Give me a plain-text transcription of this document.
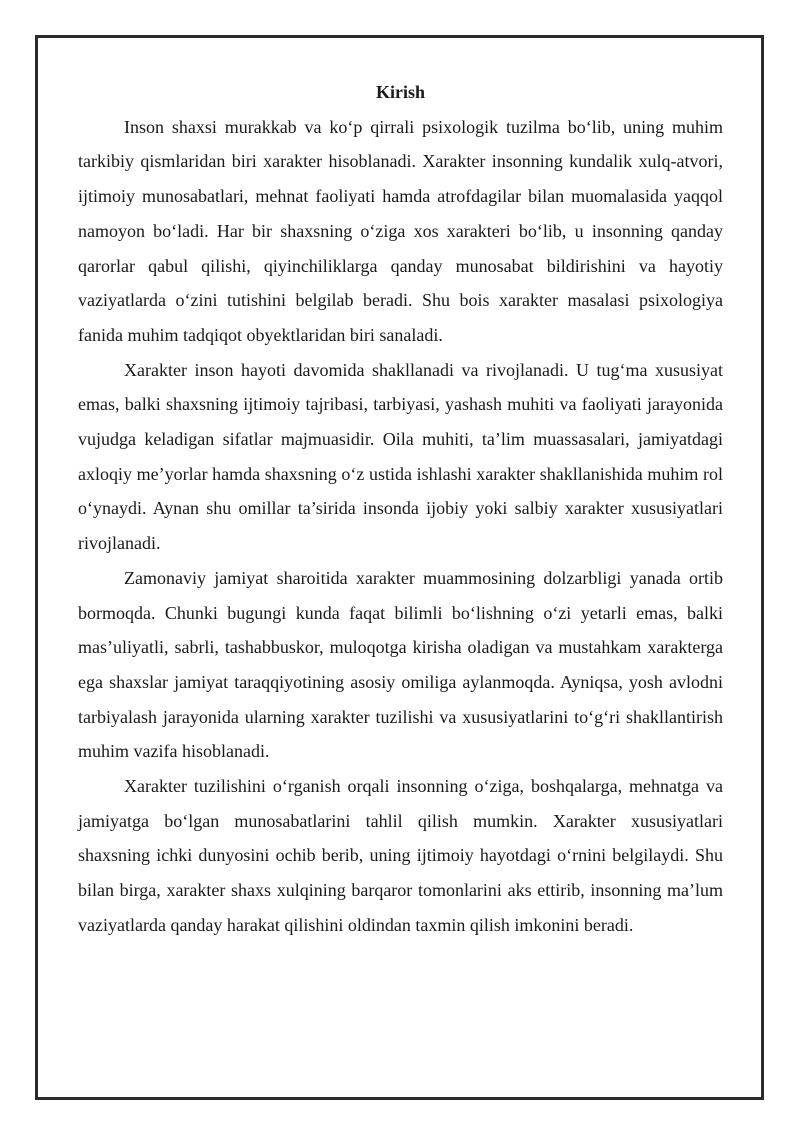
Kirish

Inson shaxsi murakkab va ko‘p qirrali psixologik tuzilma bo‘lib, uning muhim tarkibiy qismlaridan biri xarakter hisoblanadi. Xarakter insonning kundalik xulq-atvori, ijtimoiy munosabatlari, mehnat faoliyati hamda atrofdagilar bilan muomalasida yaqqol namoyon bo‘ladi. Har bir shaxsning o‘ziga xos xarakteri bo‘lib, u insonning qanday qarorlar qabul qilishi, qiyinchiliklarga qanday munosabat bildirishini va hayotiy vaziyatlarda o‘zini tutishini belgilab beradi. Shu bois xarakter masalasi psixologiya fanida muhim tadqiqot obyektlaridan biri sanaladi.

Xarakter inson hayoti davomida shakllanadi va rivojlanadi. U tug‘ma xususiyat emas, balki shaxsning ijtimoiy tajribasi, tarbiyasi, yashash muhiti va faoliyati jarayonida vujudga keladigan sifatlar majmuasidir. Oila muhiti, ta’lim muassasalari, jamiyatdagi axloqiy me’yorlar hamda shaxsning o‘z ustida ishlashi xarakter shakllanishida muhim rol o‘ynaydi. Aynan shu omillar ta’sirida insonda ijobiy yoki salbiy xarakter xususiyatlari rivojlanadi.

Zamonaviy jamiyat sharoitida xarakter muammosining dolzarbligi yanada ortib bormoqda. Chunki bugungi kunda faqat bilimli bo‘lishning o‘zi yetarli emas, balki mas’uliyatli, sabrli, tashabbuskor, muloqotga kirisha oladigan va mustahkam xarakterga ega shaxslar jamiyat taraqqiyotining asosiy omiliga aylanmoqda. Ayniqsa, yosh avlodni tarbiyalash jarayonida ularning xarakter tuzilishi va xususiyatlarini to‘g‘ri shakllantirish muhim vazifa hisoblanadi.

Xarakter tuzilishini o‘rganish orqali insonning o‘ziga, boshqalarga, mehnatga va jamiyatga bo‘lgan munosabatlarini tahlil qilish mumkin. Xarakter xususiyatlari shaxsning ichki dunyosini ochib berib, uning ijtimoiy hayotdagi o‘rnini belgilaydi. Shu bilan birga, xarakter shaxs xulqining barqaror tomonlarini aks ettirib, insonning ma’lum vaziyatlarda qanday harakat qilishini oldindan taxmin qilish imkonini beradi.
